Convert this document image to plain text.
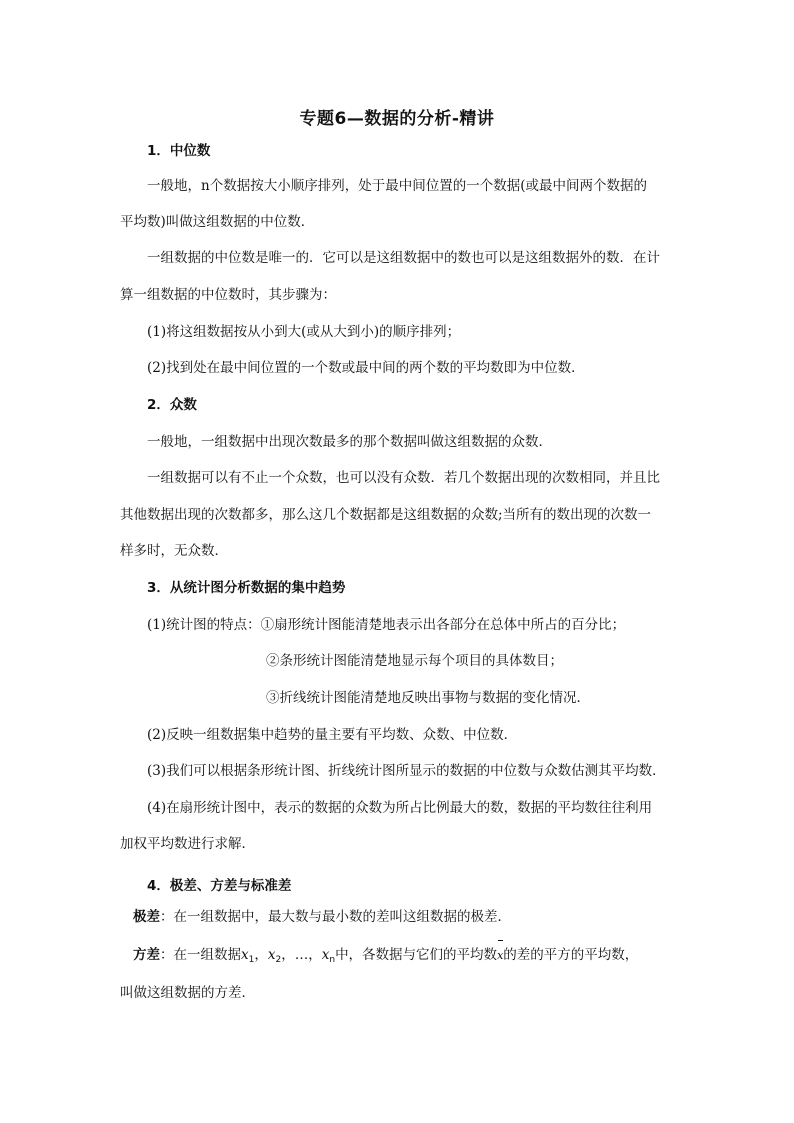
专题6—数据的分析-精讲
1．中位数
一般地，n个数据按大小顺序排列，处于最中间位置的一个数据(或最中间两个数据的
平均数)叫做这组数据的中位数．
一组数据的中位数是唯一的．它可以是这组数据中的数也可以是这组数据外的数．在计
算一组数据的中位数时，其步骤为：
(1)将这组数据按从小到大(或从大到小)的顺序排列；
(2)找到处在最中间位置的一个数或最中间的两个数的平均数即为中位数．
2．众数
一般地，一组数据中出现次数最多的那个数据叫做这组数据的众数．
一组数据可以有不止一个众数，也可以没有众数．若几个数据出现的次数相同，并且比
其他数据出现的次数都多，那么这几个数据都是这组数据的众数;当所有的数出现的次数一
样多时，无众数．
3．从统计图分析数据的集中趋势
(1)统计图的特点：①扇形统计图能清楚地表示出各部分在总体中所占的百分比；
②条形统计图能清楚地显示每个项目的具体数目；
③折线统计图能清楚地反映出事物与数据的变化情况．
(2)反映一组数据集中趋势的量主要有平均数、众数、中位数．
(3)我们可以根据条形统计图、折线统计图所显示的数据的中位数与众数估测其平均数．
(4)在扇形统计图中，表示的数据的众数为所占比例最大的数，数据的平均数往往利用
加权平均数进行求解．
4．极差、方差与标准差
极差：在一组数据中，最大数与最小数的差叫这组数据的极差．
方差：在一组数据$x_1$，$x_2$，…，$x_n$中，各数据与它们的平均数x的差的平方的平均数，
叫做这组数据的方差．
